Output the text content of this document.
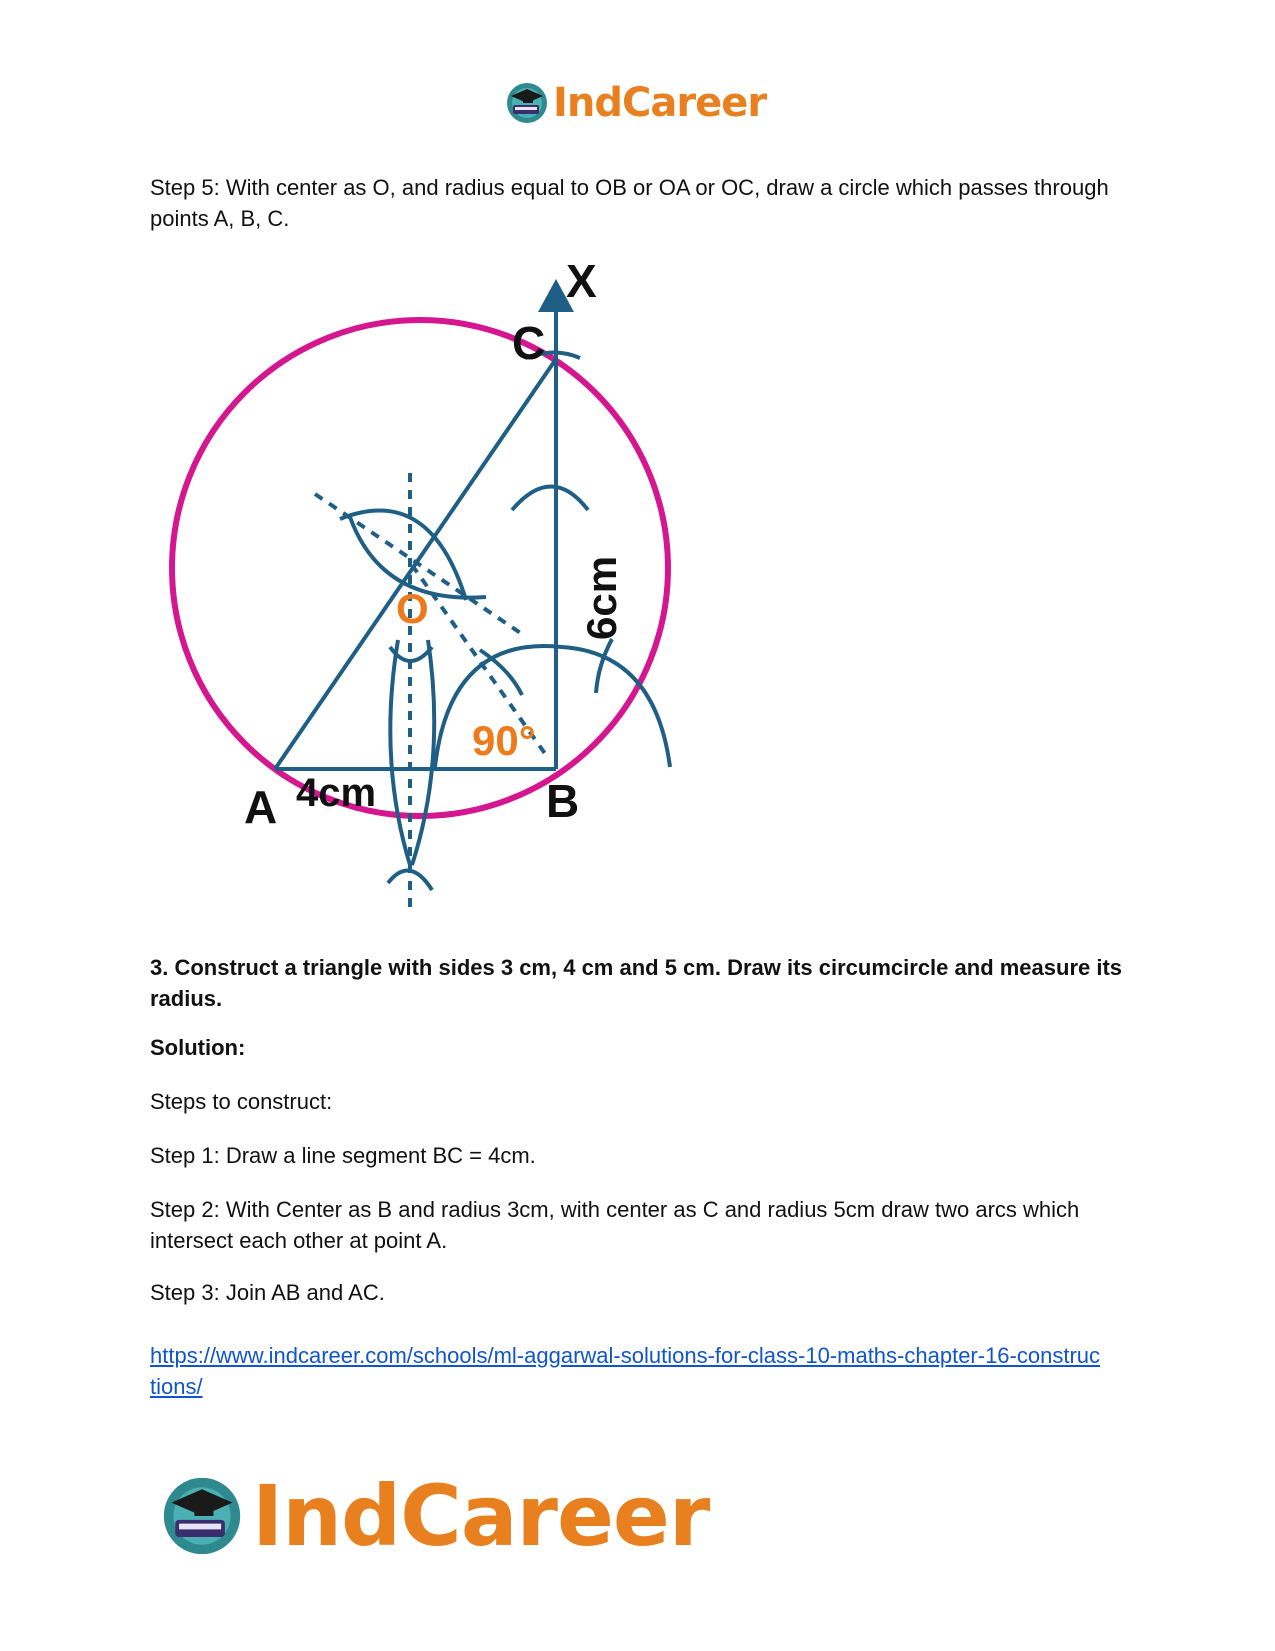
IndCareer
Step 5: With center as O, and radius equal to OB or OA or OC, draw a circle which passes through points A, B, C.
X
C
O
A	B
4cm
90°
6cm
3. Construct a triangle with sides 3 cm, 4 cm and 5 cm. Draw its circumcircle and measure its radius.
Solution:
Steps to construct:
Step 1: Draw a line segment BC = 4cm.
Step 2: With Center as B and radius 3cm, with center as C and radius 5cm draw two arcs which intersect each other at point A.
Step 3: Join AB and AC.
https://www.indcareer.com/schools/ml-aggarwal-solutions-for-class-10-maths-chapter-16-constructions/
IndCareer
